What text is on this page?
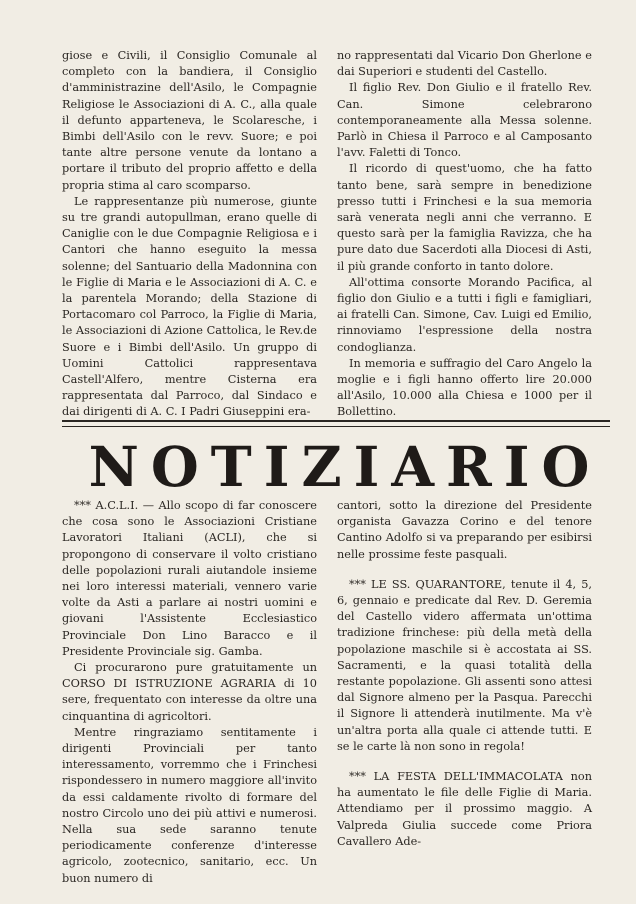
giose e Civili, il Consiglio Comunale al completo con la bandiera, il Consiglio d'amministrazine dell'Asilo, le Compagnie Religiose le Associazioni di A. C., alla quale il defunto apparteneva, le Scolaresche, i Bimbi dell'Asilo con le revv. Suore; e poi tante altre persone venute da lontano a portare il tributo del proprio affetto e della propria stima al caro scomparso.

Le rappresentanze più numerose, giunte su tre grandi autopullman, erano quelle di Caniglie con le due Compagnie Religiosa e i Cantori che hanno eseguito la messa solenne; del Santuario della Madonnina con le Figlie di Maria e le Associazioni di A. C. e la parentela Morando; della Stazione di Portacomaro col Parroco, la Figlie di Maria, le Associazioni di Azione Cattolica, le Rev.de Suore e i Bimbi dell'Asilo. Un gruppo di Uomini Cattolici rappresentava Castell'Alfero, mentre Cisterna era rappresentata dal Parroco, dal Sindaco e dai dirigenti di A. C. I Padri Giuseppini era-

no rappresentati dal Vicario Don Gherlone e dai Superiori e studenti del Castello.

Il figlio Rev. Don Giulio e il fratello Rev. Can. Simone celebrarono contemporaneamente alla Messa solenne. Parlò in Chiesa il Parroco e al Camposanto l'avv. Faletti di Tonco.

Il ricordo di quest'uomo, che ha fatto tanto bene, sarà sempre in benedizione presso tutti i Frinchesi e la sua memoria sarà venerata negli anni che verranno. E questo sarà per la famiglia Ravizza, che ha pure dato due Sacerdoti alla Diocesi di Asti, il più grande conforto in tanto dolore.

All'ottima consorte Morando Pacifica, al figlio don Giulio e a tutti i figli e famigliari, ai fratelli Can. Simone, Cav. Luigi ed Emilio, rinnoviamo l'espressione della nostra condoglianza.

In memoria e suffragio del Caro Angelo la moglie e i figli hanno offerto lire 20.000 all'Asilo, 10.000 alla Chiesa e 1000 per il Bollettino.

NOTIZIARIO

*** A.C.L.I. — Allo scopo di far conoscere che cosa sono le Associazioni Cristiane Lavoratori Italiani (ACLI), che si propongono di conservare il volto cristiano delle popolazioni rurali aiutandole insieme nei loro interessi materiali, vennero varie volte da Asti a parlare ai nostri uomini e giovani l'Assistente Ecclesiastico Provinciale Don Lino Baracco e il Presidente Provinciale sig. Gamba.

Ci procurarono pure gratuitamente un CORSO DI ISTRUZIONE AGRARIA di 10 sere, frequentato con interesse da oltre una cinquantina di agricoltori.

Mentre ringraziamo sentitamente i dirigenti Provinciali per tanto interessamento, vorremmo che i Frinchesi rispondessero in numero maggiore all'invito da essi caldamente rivolto di formare del nostro Circolo uno dei più attivi e numerosi. Nella sua sede saranno tenute periodicamente conferenze d'interesse agricolo, zootecnico, sanitario, ecc. Un buon numero di

cantori, sotto la direzione del Presidente organista Gavazza Corino e del tenore Cantino Adolfo si va preparando per esibirsi nelle prossime feste pasquali.

*** LE SS. QUARANTORE, tenute il 4, 5, 6, gennaio e predicate dal Rev. D. Geremia del Castello videro affermata un'ottima tradizione frinchese: più della metà della popolazione maschile si è accostata ai SS. Sacramenti, e la quasi totalità della restante popolazione. Gli assenti sono attesi dal Signore almeno per la Pasqua. Parecchi il Signore li attenderà inutilmente. Ma v'è un'altra porta alla quale ci attende tutti. E se le carte là non sono in regola!

*** LA FESTA DELL'IMMACOLATA non ha aumentato le file delle Figlie di Maria. Attendiamo per il prossimo maggio. A Valpreda Giulia succede come Priora Cavallero Ade-
